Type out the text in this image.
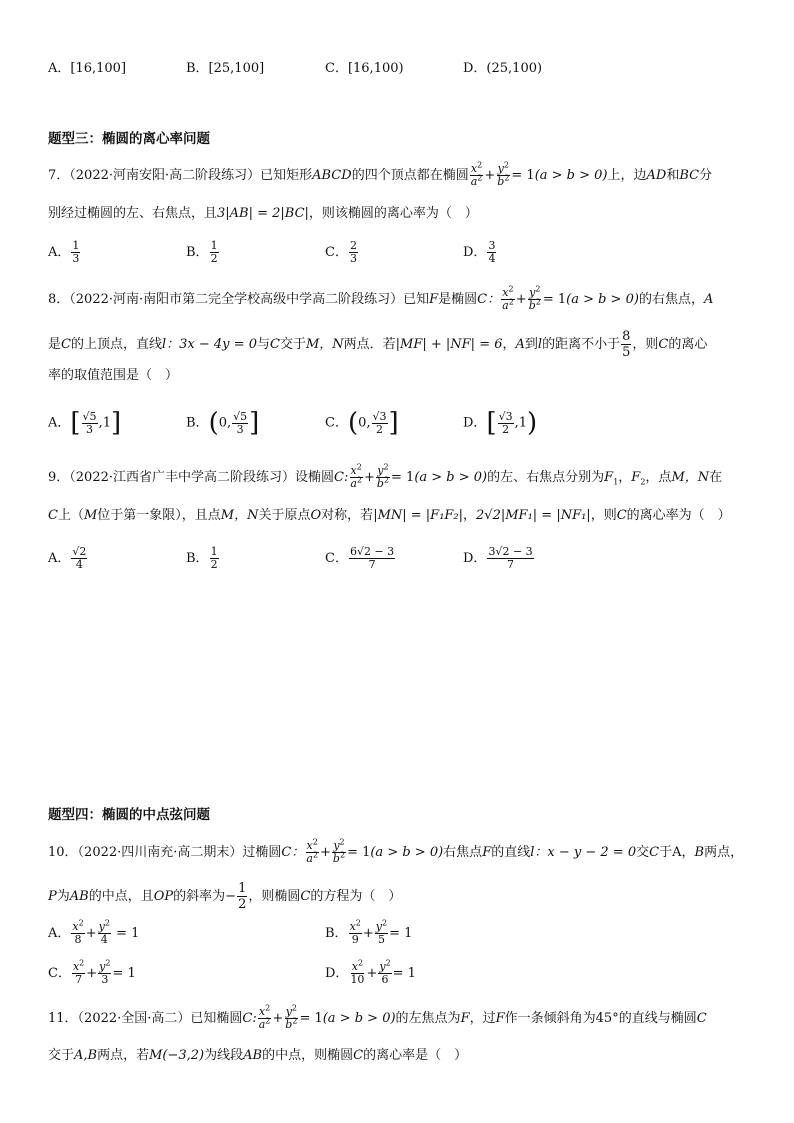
A．[16,100]	B．[25,100]	C．[16,100)	D．(25,100)
题型三：椭圆的离心率问题
7．（2022·河南安阳·高二阶段练习）已知矩形ABCD的四个顶点都在椭圆 $\frac{x^2}{a^2} + \frac{y^2}{b^2} = 1(a > b > 0)$上，边AD和BC分
别经过椭圆的左、右焦点，且3|AB| = 2|BC|，则该椭圆的离心率为（　）
A． $\frac{1}{3}$	B． $\frac{1}{2}$	C． $\frac{2}{3}$	D． $\frac{3}{4}$
8．（2022·河南·南阳市第二完全学校高级中学高二阶段练习）已知F是椭圆C： $\frac{x^2}{a^2} + \frac{y^2}{b^2} = 1(a > b > 0)$的右焦点，A
是C的上顶点，直线l：3x − 4y = 0与C交于M，N两点．若|MF| + |NF| = 6，A到l的距离不小于 $\frac{8}{5}$ ，则C的离心
率的取值范围是（　）
A．[ $\frac{√5}{3} ,1$]	B．(0, $\frac{√5}{3}$ ]	C．(0, $\frac{√3}{2}$ ]	D．[ $\frac{√3}{2} ,1$)
9．（2022·江西省广丰中学高二阶段练习）设椭圆C: $\frac{x^2}{a^2} + \frac{y^2}{b^2} = 1(a > b > 0)$的左、右焦点分别为$F_1$，$F_2$，点M，N在
C上（M位于第一象限），且点M，N关于原点O对称，若|MN| = |F₁F₂|，2√2|MF₁| = |NF₁|，则C的离心率为（　）
A． $\frac{√2}{4}$	B． $\frac{1}{2}$	C． $\frac{6√2 - 3}{7}$	D． $\frac{3√2 - 3}{7}$
题型四：椭圆的中点弦问题
10．（2022·四川南充·高二期末）过椭圆C： $\frac{x^2}{a^2} + \frac{y^2}{b^2} = 1(a > b > 0)$右焦点F的直线l：x − y − 2 = 0交C于A，B两点，
P为AB的中点，且OP的斜率为− $\frac{1}{2}$ ，则椭圆C的方程为（　）
A． $\frac{x^2}{8} + \frac{y^2}{4} = 1$	B． $\frac{x^2}{9} + \frac{y^2}{5} = 1$
C． $\frac{x^2}{7} + \frac{y^2}{3} = 1$	D． $\frac{x^2}{10} + \frac{y^2}{6} = 1$
11．（2022·全国·高二）已知椭圆C: $\frac{x^2}{a^2} + \frac{y^2}{b^2} = 1(a > b > 0)$的左焦点为F，过F作一条倾斜角为45°的直线与椭圆C
交于A,B两点，若M(−3,2)为线段AB的中点，则椭圆C的离心率是（　）
